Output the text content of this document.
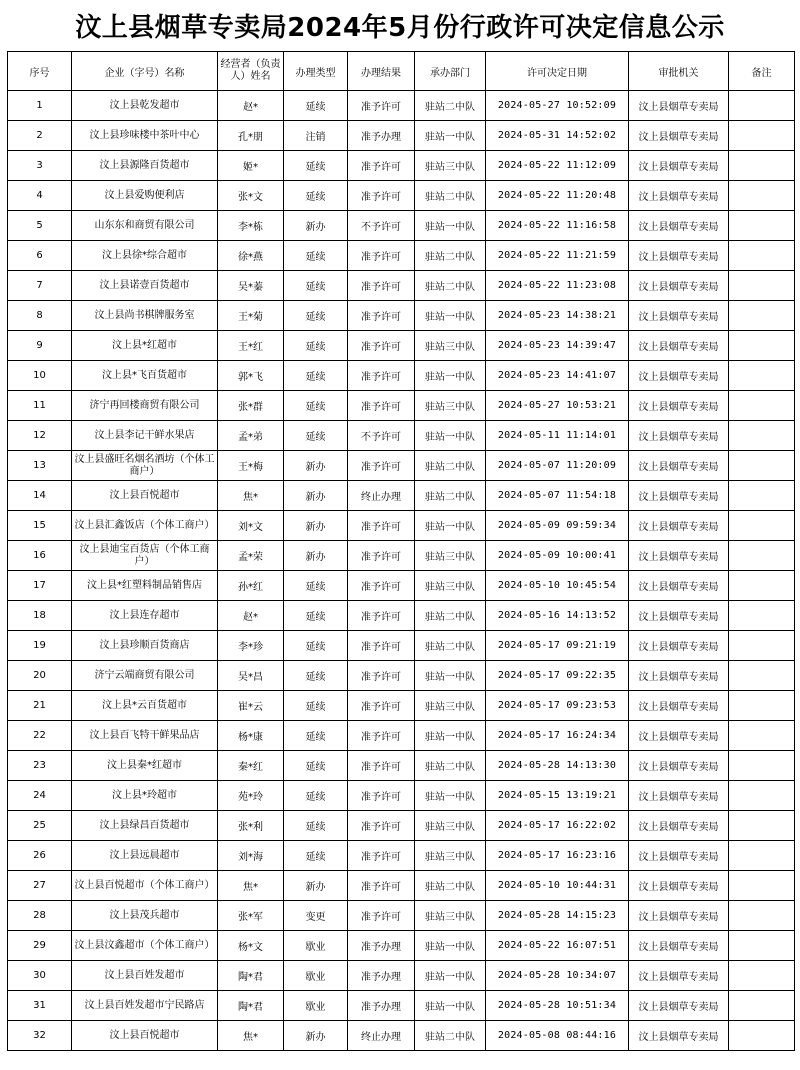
汶上县烟草专卖局2024年5月份行政许可决定信息公示
序号	企业（字号）名称	经营者（负责人）姓名	办理类型	办理结果	承办部门	许可决定日期	审批机关	备注
1	汶上县乾发超市	赵*	延续	准予许可	驻站二中队	2024-05-27 10:52:09	汶上县烟草专卖局	
2	汶上县珍味楼中茶叶中心	孔*朋	注销	准予办理	驻站一中队	2024-05-31 14:52:02	汶上县烟草专卖局	
3	汶上县源隆百货超市	姬*	延续	准予许可	驻站三中队	2024-05-22 11:12:09	汶上县烟草专卖局	
4	汶上县爱购便利店	张*文	延续	准予许可	驻站二中队	2024-05-22 11:20:48	汶上县烟草专卖局	
5	山东东和商贸有限公司	李*栋	新办	不予许可	驻站一中队	2024-05-22 11:16:58	汶上县烟草专卖局	
6	汶上县徐*综合超市	徐*燕	延续	准予许可	驻站二中队	2024-05-22 11:21:59	汶上县烟草专卖局	
7	汶上县诺壹百货超市	吴*蓁	延续	准予许可	驻站二中队	2024-05-22 11:23:08	汶上县烟草专卖局	
8	汶上县尚书棋牌服务室	王*菊	延续	准予许可	驻站一中队	2024-05-23 14:38:21	汶上县烟草专卖局	
9	汶上县*红超市	王*红	延续	准予许可	驻站三中队	2024-05-23 14:39:47	汶上县烟草专卖局	
10	汶上县*飞百货超市	郭*飞	延续	准予许可	驻站一中队	2024-05-23 14:41:07	汶上县烟草专卖局	
11	济宁再回楼商贸有限公司	张*群	延续	准予许可	驻站三中队	2024-05-27 10:53:21	汶上县烟草专卖局	
12	汶上县李记干鲜水果店	孟*弟	延续	不予许可	驻站一中队	2024-05-11 11:14:01	汶上县烟草专卖局	
13	汶上县盛旺名烟名酒坊（个体工商户）	王*梅	新办	准予许可	驻站二中队	2024-05-07 11:20:09	汶上县烟草专卖局	
14	汶上县百悦超市	焦*	新办	终止办理	驻站二中队	2024-05-07 11:54:18	汶上县烟草专卖局	
15	汶上县汇鑫饭店（个体工商户）	刘*文	新办	准予许可	驻站一中队	2024-05-09 09:59:34	汶上县烟草专卖局	
16	汶上县迪宝百货店（个体工商户）	孟*荣	新办	准予许可	驻站三中队	2024-05-09 10:00:41	汶上县烟草专卖局	
17	汶上县*红塑料制品销售店	孙*红	延续	准予许可	驻站三中队	2024-05-10 10:45:54	汶上县烟草专卖局	
18	汶上县连存超市	赵*	延续	准予许可	驻站二中队	2024-05-16 14:13:52	汶上县烟草专卖局	
19	汶上县珍顺百货商店	李*珍	延续	准予许可	驻站二中队	2024-05-17 09:21:19	汶上县烟草专卖局	
20	济宁云端商贸有限公司	吴*昌	延续	准予许可	驻站一中队	2024-05-17 09:22:35	汶上县烟草专卖局	
21	汶上县*云百货超市	崔*云	延续	准予许可	驻站三中队	2024-05-17 09:23:53	汶上县烟草专卖局	
22	汶上县百飞特干鲜果品店	杨*康	延续	准予许可	驻站一中队	2024-05-17 16:24:34	汶上县烟草专卖局	
23	汶上县秦*红超市	秦*红	延续	准予许可	驻站二中队	2024-05-28 14:13:30	汶上县烟草专卖局	
24	汶上县*玲超市	苑*玲	延续	准予许可	驻站一中队	2024-05-15 13:19:21	汶上县烟草专卖局	
25	汶上县绿昌百货超市	张*利	延续	准予许可	驻站三中队	2024-05-17 16:22:02	汶上县烟草专卖局	
26	汶上县远晨超市	刘*海	延续	准予许可	驻站三中队	2024-05-17 16:23:16	汶上县烟草专卖局	
27	汶上县百悦超市（个体工商户）	焦*	新办	准予许可	驻站二中队	2024-05-10 10:44:31	汶上县烟草专卖局	
28	汶上县茂兵超市	张*军	变更	准予许可	驻站三中队	2024-05-28 14:15:23	汶上县烟草专卖局	
29	汶上县汶鑫超市（个体工商户）	杨*文	歇业	准予办理	驻站一中队	2024-05-22 16:07:51	汶上县烟草专卖局	
30	汶上县百姓发超市	陶*君	歇业	准予办理	驻站一中队	2024-05-28 10:34:07	汶上县烟草专卖局	
31	汶上县百姓发超市宁民路店	陶*君	歇业	准予办理	驻站一中队	2024-05-28 10:51:34	汶上县烟草专卖局	
32	汶上县百悦超市	焦*	新办	终止办理	驻站二中队	2024-05-08 08:44:16	汶上县烟草专卖局	
